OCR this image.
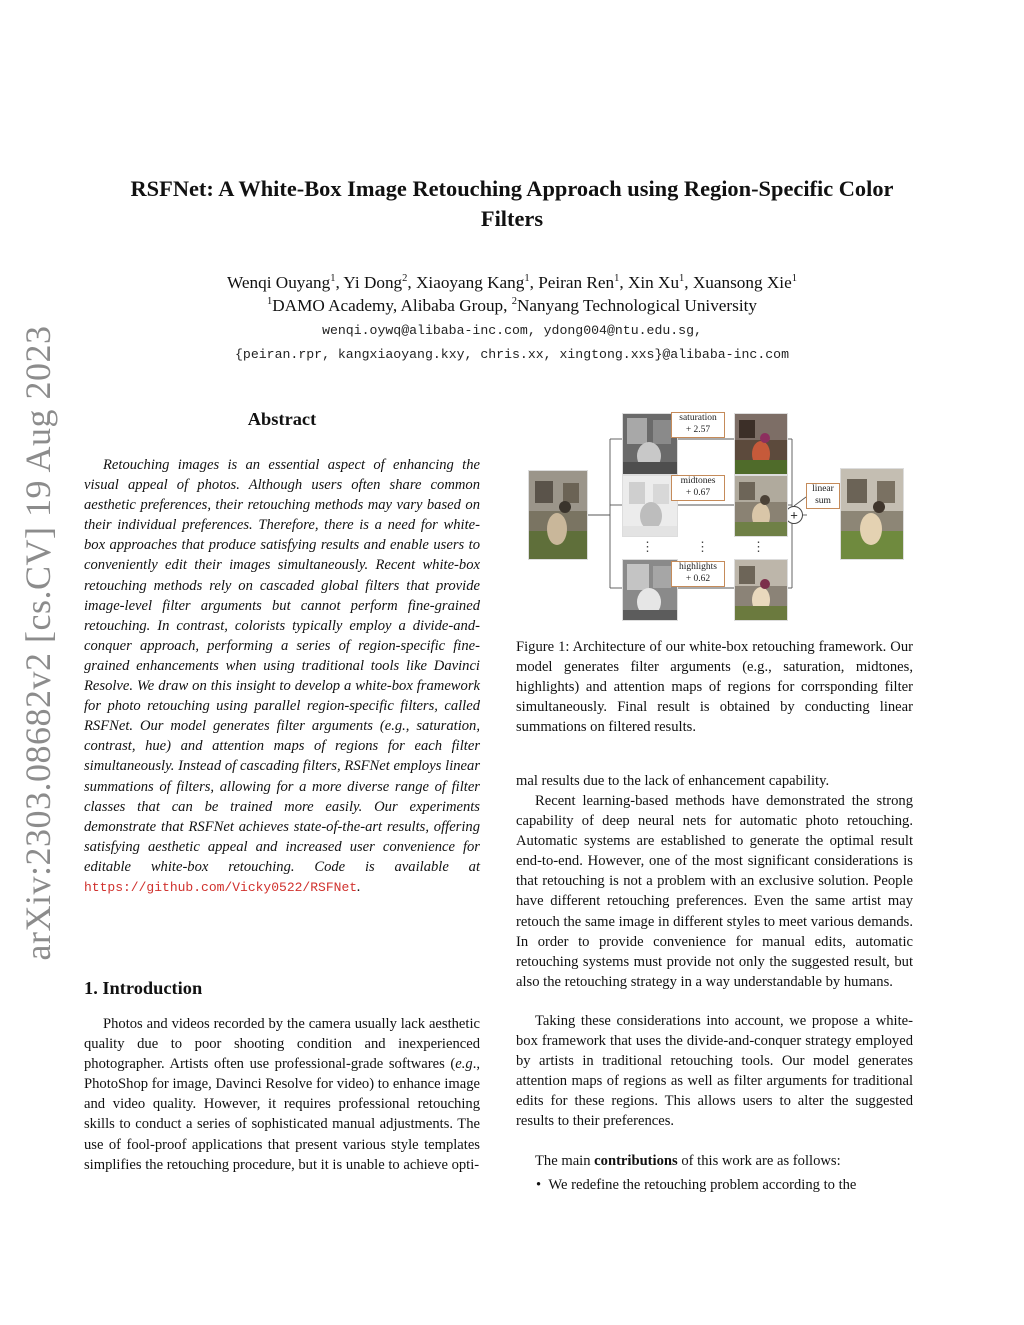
arXiv:2303.08682v2 [cs.CV] 19 Aug 2023
RSFNet: A White-Box Image Retouching Approach using Region-Specific Color
Filters
Wenqi Ouyang$^1$, Yi Dong$^2$, Xiaoyang Kang$^1$, Peiran Ren$^1$, Xin Xu$^1$, Xuansong Xie$^1$
$^1$DAMO Academy, Alibaba Group, $^2$Nanyang Technological University
wenqi.oywq@alibaba-inc.com, ydong004@ntu.edu.sg,
{peiran.rpr, kangxiaoyang.kxy, chris.xx, xingtong.xxs}@alibaba-inc.com
Abstract
Retouching images is an essential aspect of enhancing the visual appeal of photos. Although users often share common aesthetic preferences, their retouching methods may vary based on their individual preferences. Therefore, there is a need for white-box approaches that produce satisfying results and enable users to conveniently edit their images simultaneously. Recent white-box retouching methods rely on cascaded global filters that provide image-level filter arguments but cannot perform fine-grained retouching. In contrast, colorists typically employ a divide-and-conquer approach, performing a series of region-specific fine-grained enhancements when using traditional tools like Davinci Resolve. We draw on this insight to develop a white-box framework for photo retouching using parallel region-specific filters, called RSFNet. Our model generates filter arguments (e.g., saturation, contrast, hue) and attention maps of regions for each filter simultaneously. Instead of cascading filters, RSFNet employs linear summations of filters, allowing for a more diverse range of filter classes that can be trained more easily. Our experiments demonstrate that RSFNet achieves state-of-the-art results, offering satisfying aesthetic appeal and increased user convenience for editable white-box retouching. Code is available at https://github.com/Vicky0522/RSFNet.
1. Introduction
Photos and videos recorded by the camera usually lack aesthetic quality due to poor shooting condition and inexperienced photographer. Artists often use professional-grade softwares (e.g., PhotoShop for image, Davinci Resolve for video) to enhance image and video quality. However, it requires professional retouching skills to conduct a series of sophisticated manual adjustments. The use of fool-proof applications that present various style templates simplifies the retouching procedure, but it is unable to achieve opti-
+
saturation
+ 2.57
midtones
+ 0.67
highlights
+ 0.62
linear
sum
⋮	⋮	⋮
Figure 1: Architecture of our white-box retouching framework. Our model generates filter arguments (e.g., saturation, midtones, highlights) and attention maps of regions for corrsponding filter simultaneously. Final result is obtained by conducting linear summations on filtered results.
mal results due to the lack of enhancement capability.
Recent learning-based methods have demonstrated the strong capability of deep neural nets for automatic photo retouching. Automatic systems are established to generate the optimal result end-to-end. However, one of the most significant considerations is that retouching is not a problem with an exclusive solution. People have different retouching preferences. Even the same artist may retouch the same image in different styles to meet various demands. In order to provide convenience for manual edits, automatic retouching systems must provide not only the suggested result, but also the retouching strategy in a way understandable by humans.
Taking these considerations into account, we propose a white-box framework that uses the divide-and-conquer strategy employed by artists in traditional retouching tools. Our model generates attention maps of regions as well as filter arguments for traditional edits for these regions. This allows users to alter the suggested results to their preferences.
The main contributions of this work are as follows:
• We redefine the retouching problem according to the
